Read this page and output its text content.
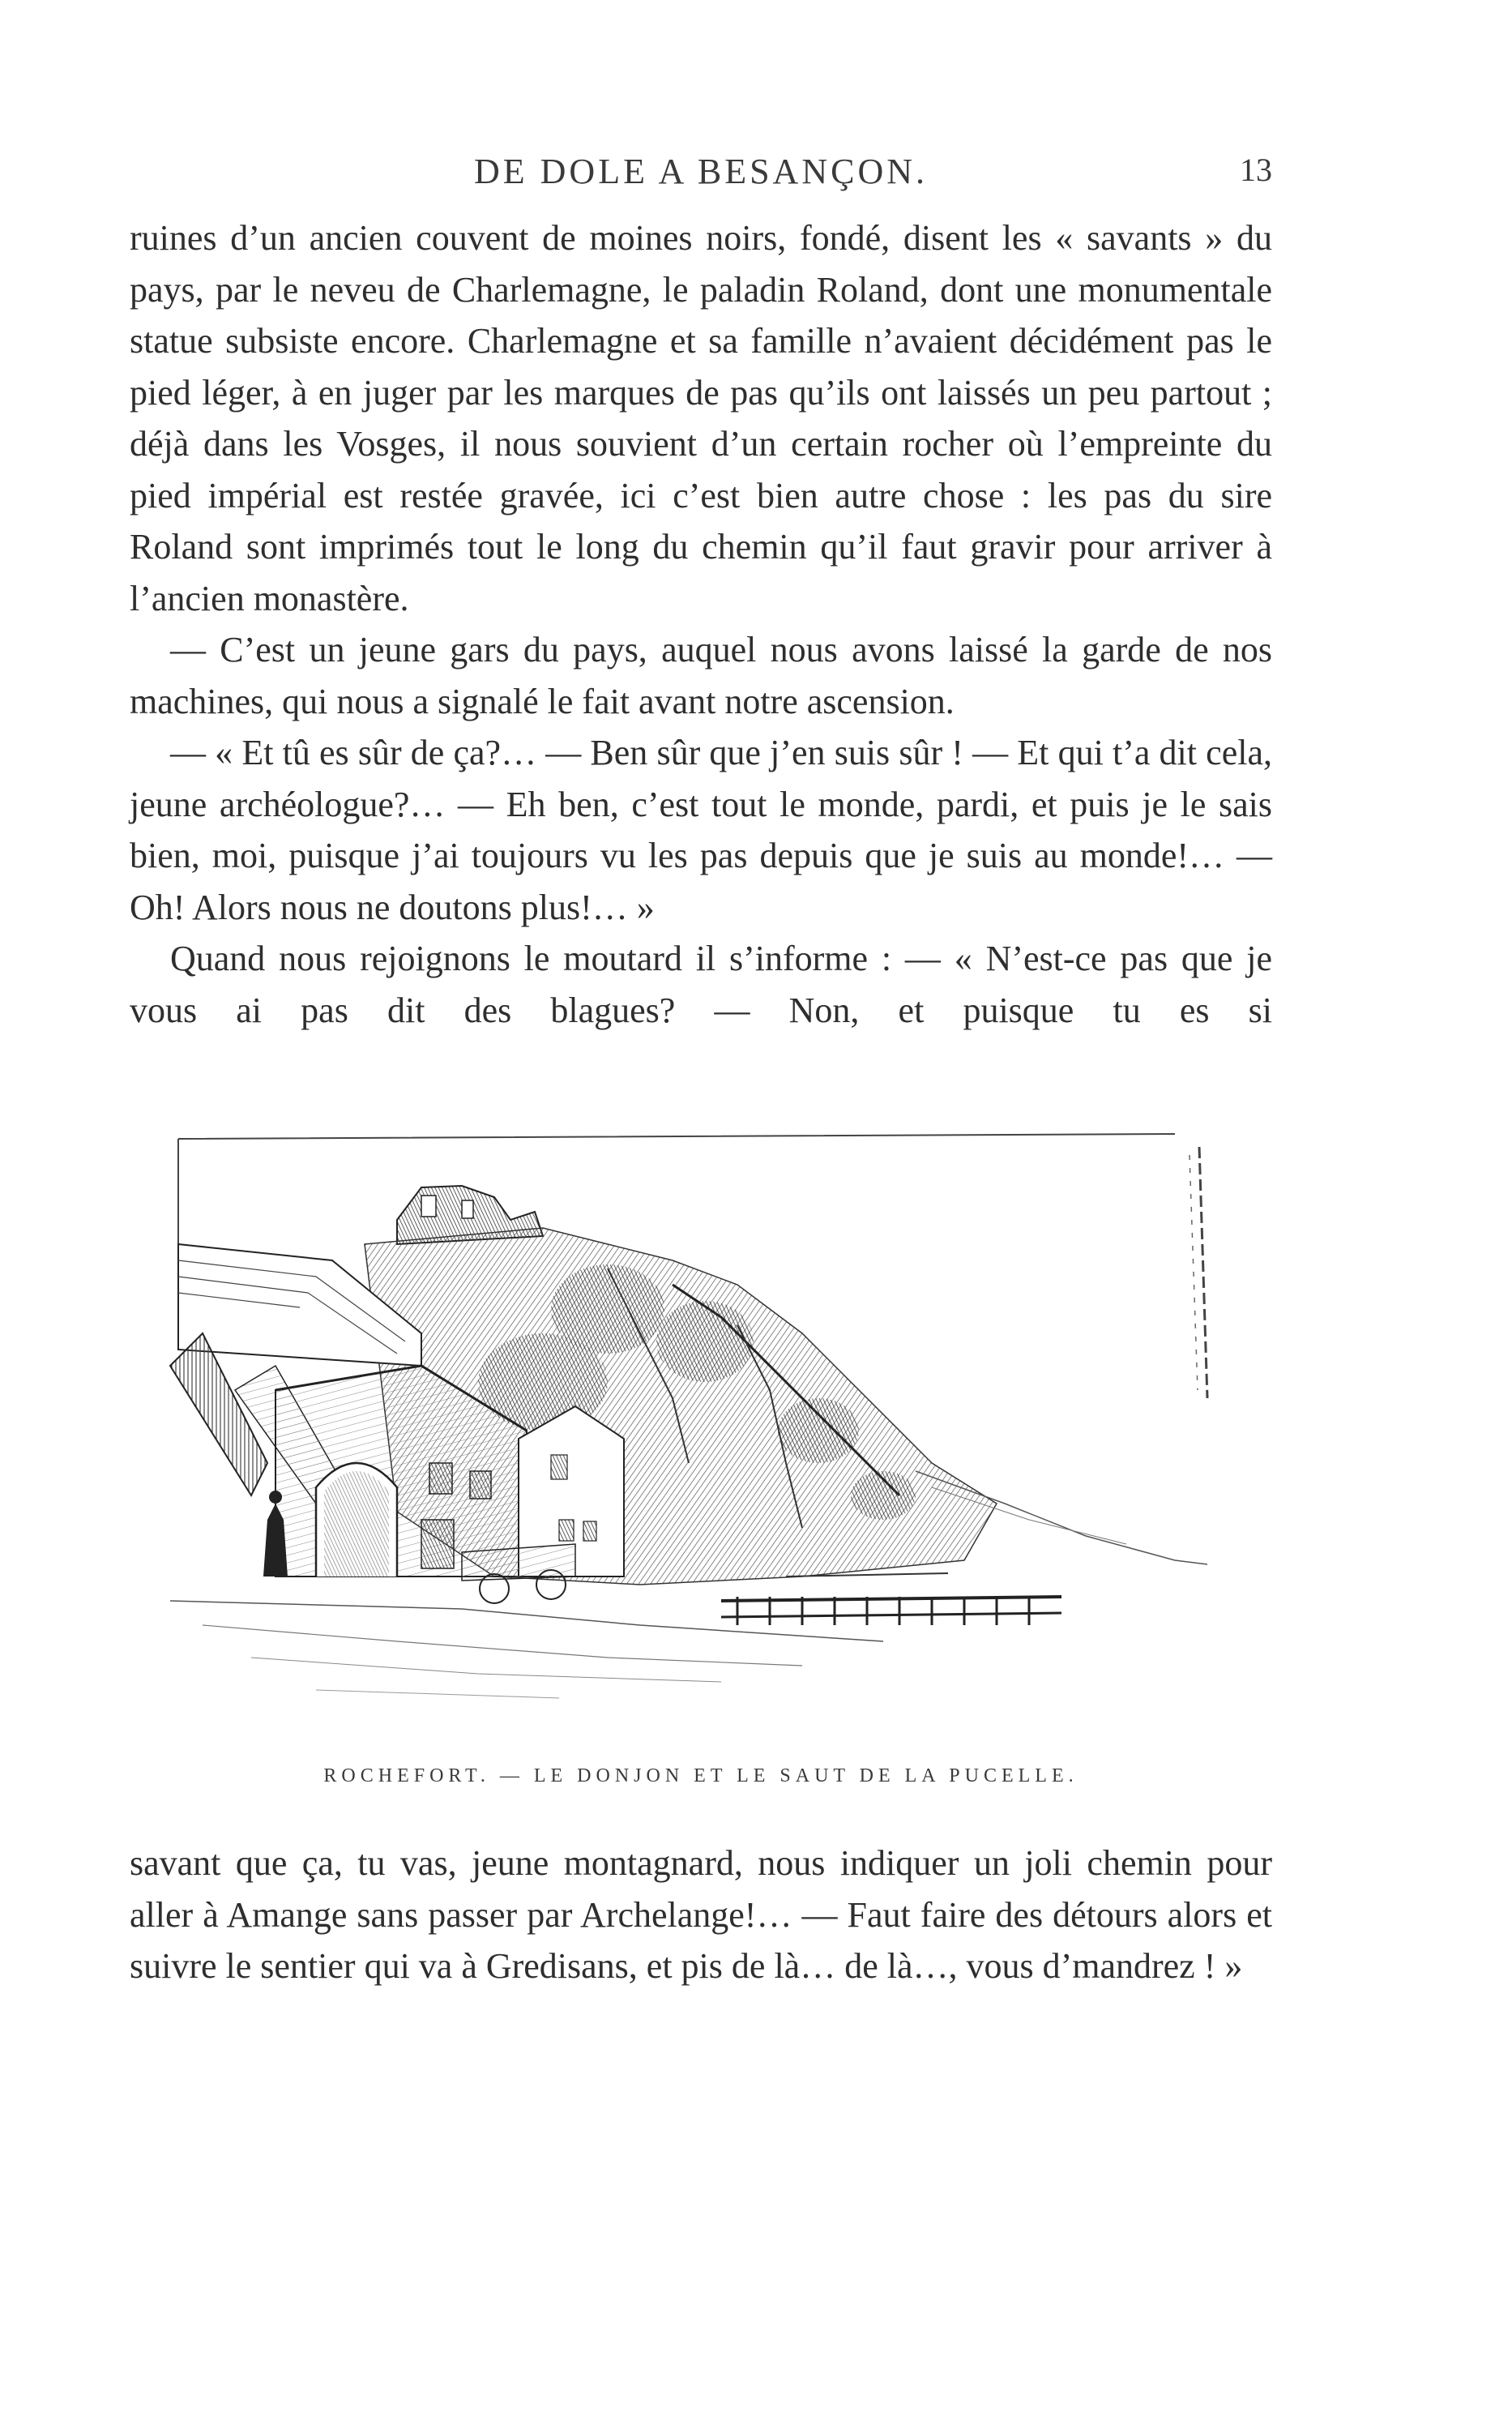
DE DOLE A BESANÇON.	13

ruines d’un ancien couvent de moines noirs, fondé, disent les « savants » du pays, par le neveu de Charlemagne, le paladin Roland, dont une monumentale statue subsiste encore. Charlemagne et sa famille n’avaient décidément pas le pied léger, à en juger par les marques de pas qu’ils ont laissés un peu partout ; déjà dans les Vosges, il nous souvient d’un certain rocher où l’empreinte du pied impérial est restée gravée, ici c’est bien autre chose : les pas du sire Roland sont imprimés tout le long du chemin qu’il faut gravir pour arriver à l’ancien monastère.

— C’est un jeune gars du pays, auquel nous avons laissé la garde de nos machines, qui nous a signalé le fait avant notre ascension.

— « Et tû es sûr de ça?… — Ben sûr que j’en suis sûr ! — Et qui t’a dit cela, jeune archéologue?… — Eh ben, c’est tout le monde, pardi, et puis je le sais bien, moi, puisque j’ai toujours vu les pas depuis que je suis au monde!… — Oh! Alors nous ne doutons plus!… »

Quand nous rejoignons le moutard il s’informe : — « N’est-ce pas que je vous ai pas dit des blagues? — Non, et puisque tu es si

ROCHEFORT. — LE DONJON ET LE SAUT DE LA PUCELLE.

savant que ça, tu vas, jeune montagnard, nous indiquer un joli chemin pour aller à Amange sans passer par Archelange!… — Faut faire des détours alors et suivre le sentier qui va à Gredisans, et pis de là… de là…, vous d’mandrez ! »
